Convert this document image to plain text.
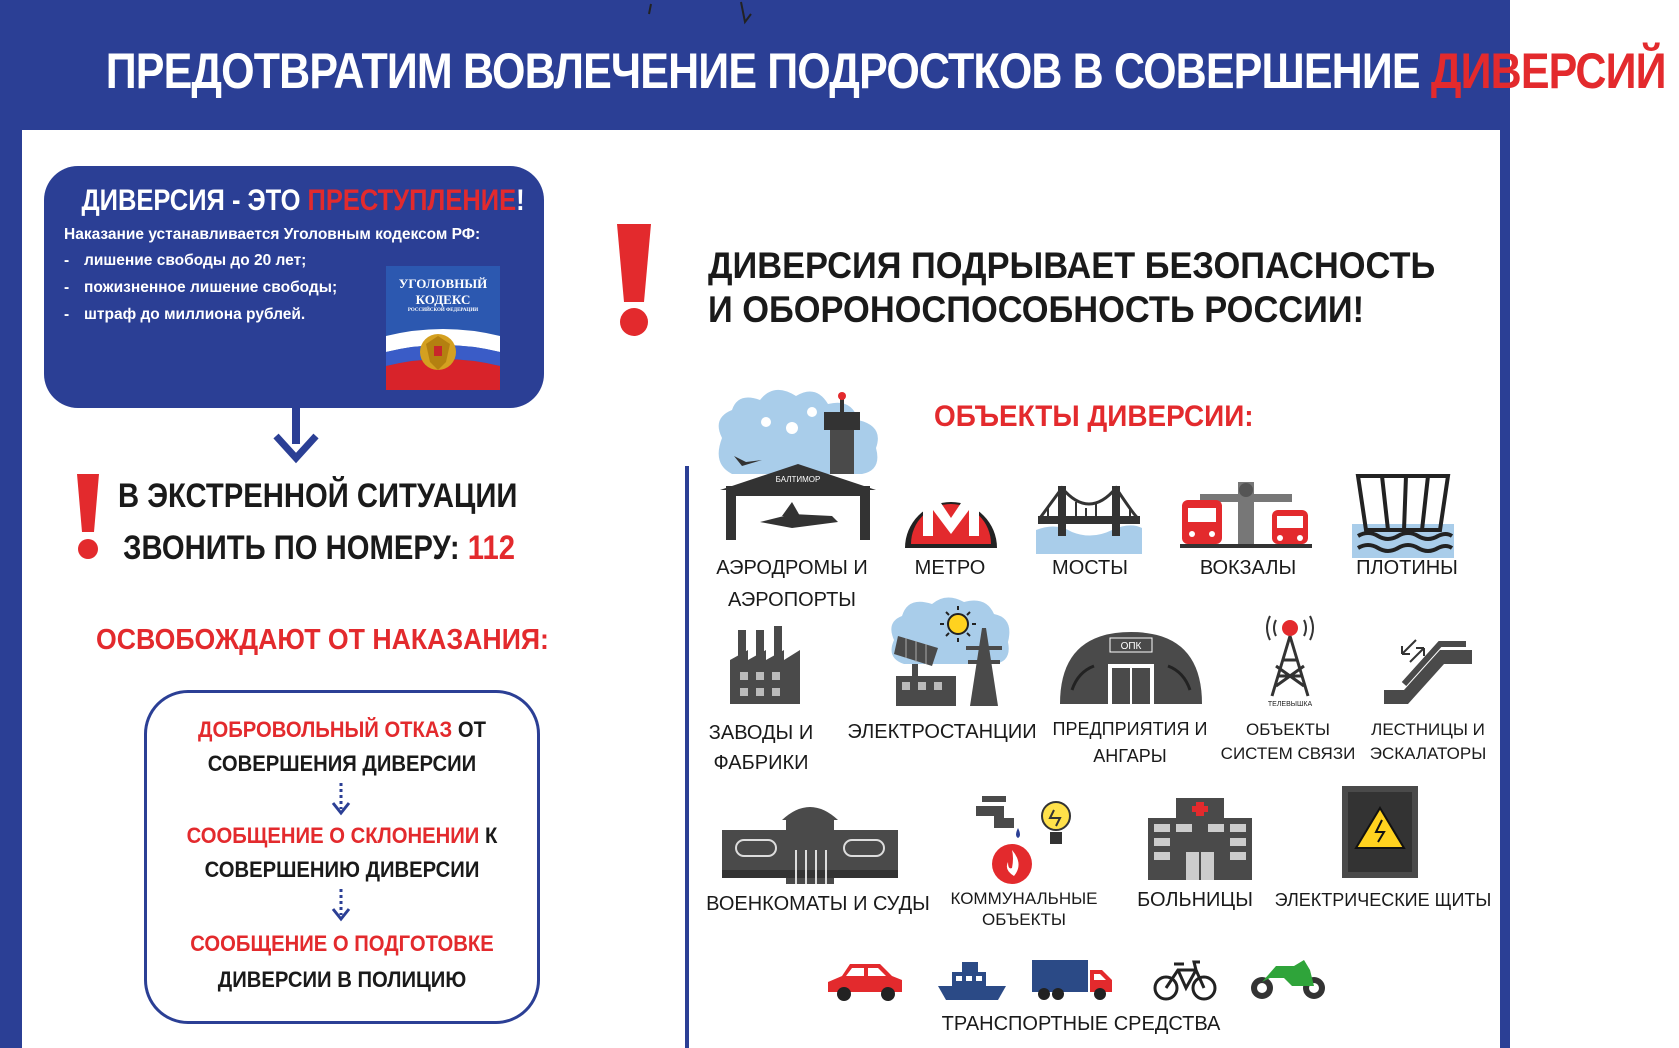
ПРЕДОТВРАТИМ ВОВЛЕЧЕНИЕ ПОДРОСТКОВ В СОВЕРШЕНИЕ ДИВЕРСИЙ!
ДИВЕРСИЯ - ЭТО ПРЕСТУПЛЕНИЕ!
Наказание устанавливается Уголовным кодексом РФ:
- лишение свободы до 20 лет;
- пожизненное лишение свободы;
- штраф до миллиона рублей.
УГОЛОВНЫЙ
КОДЕКС
РОССИЙСКОЙ ФЕДЕРАЦИИ
В ЭКСТРЕННОЙ СИТУАЦИИ
ЗВОНИТЬ ПО НОМЕРУ: 112
ОСВОБОЖДАЮТ ОТ НАКАЗАНИЯ:
ДОБРОВОЛЬНЫЙ ОТКАЗ ОТ
СОВЕРШЕНИЯ ДИВЕРСИИ
СООБЩЕНИЕ О СКЛОНЕНИИ К
СОВЕРШЕНИЮ ДИВЕРСИИ
СООБЩЕНИЕ О ПОДГОТОВКЕ
ДИВЕРСИИ В ПОЛИЦИЮ
ДИВЕРСИЯ ПОДРЫВАЕТ БЕЗОПАСНОСТЬ
И ОБОРОНОСПОСОБНОСТЬ РОССИИ!
ОБЪЕКТЫ ДИВЕРСИИ:
БАЛТИМОР
АЭРОДРОМЫ И
АЭРОПОРТЫ
МЕТРО	МОСТЫ	ВОКЗАЛЫ	ПЛОТИНЫ
ОПК
ТЕЛЕВЫШКА
ЗАВОДЫ И
ФАБРИКИ
ЭЛЕКТРОСТАНЦИИ ПРЕДПРИЯТИЯ И
АНГАРЫ
ОБЪЕКТЫ
СИСТЕМ СВЯЗИ
ЛЕСТНИЦЫ И
ЭСКАЛАТОРЫ
ВОЕНКОМАТЫ И СУДЫ	КОММУНАЛЬНЫЕ
ОБЪЕКТЫ
БОЛЬНИЦЫ	ЭЛЕКТРИЧЕСКИЕ ЩИТЫ
ТРАНСПОРТНЫЕ СРЕДСТВА
